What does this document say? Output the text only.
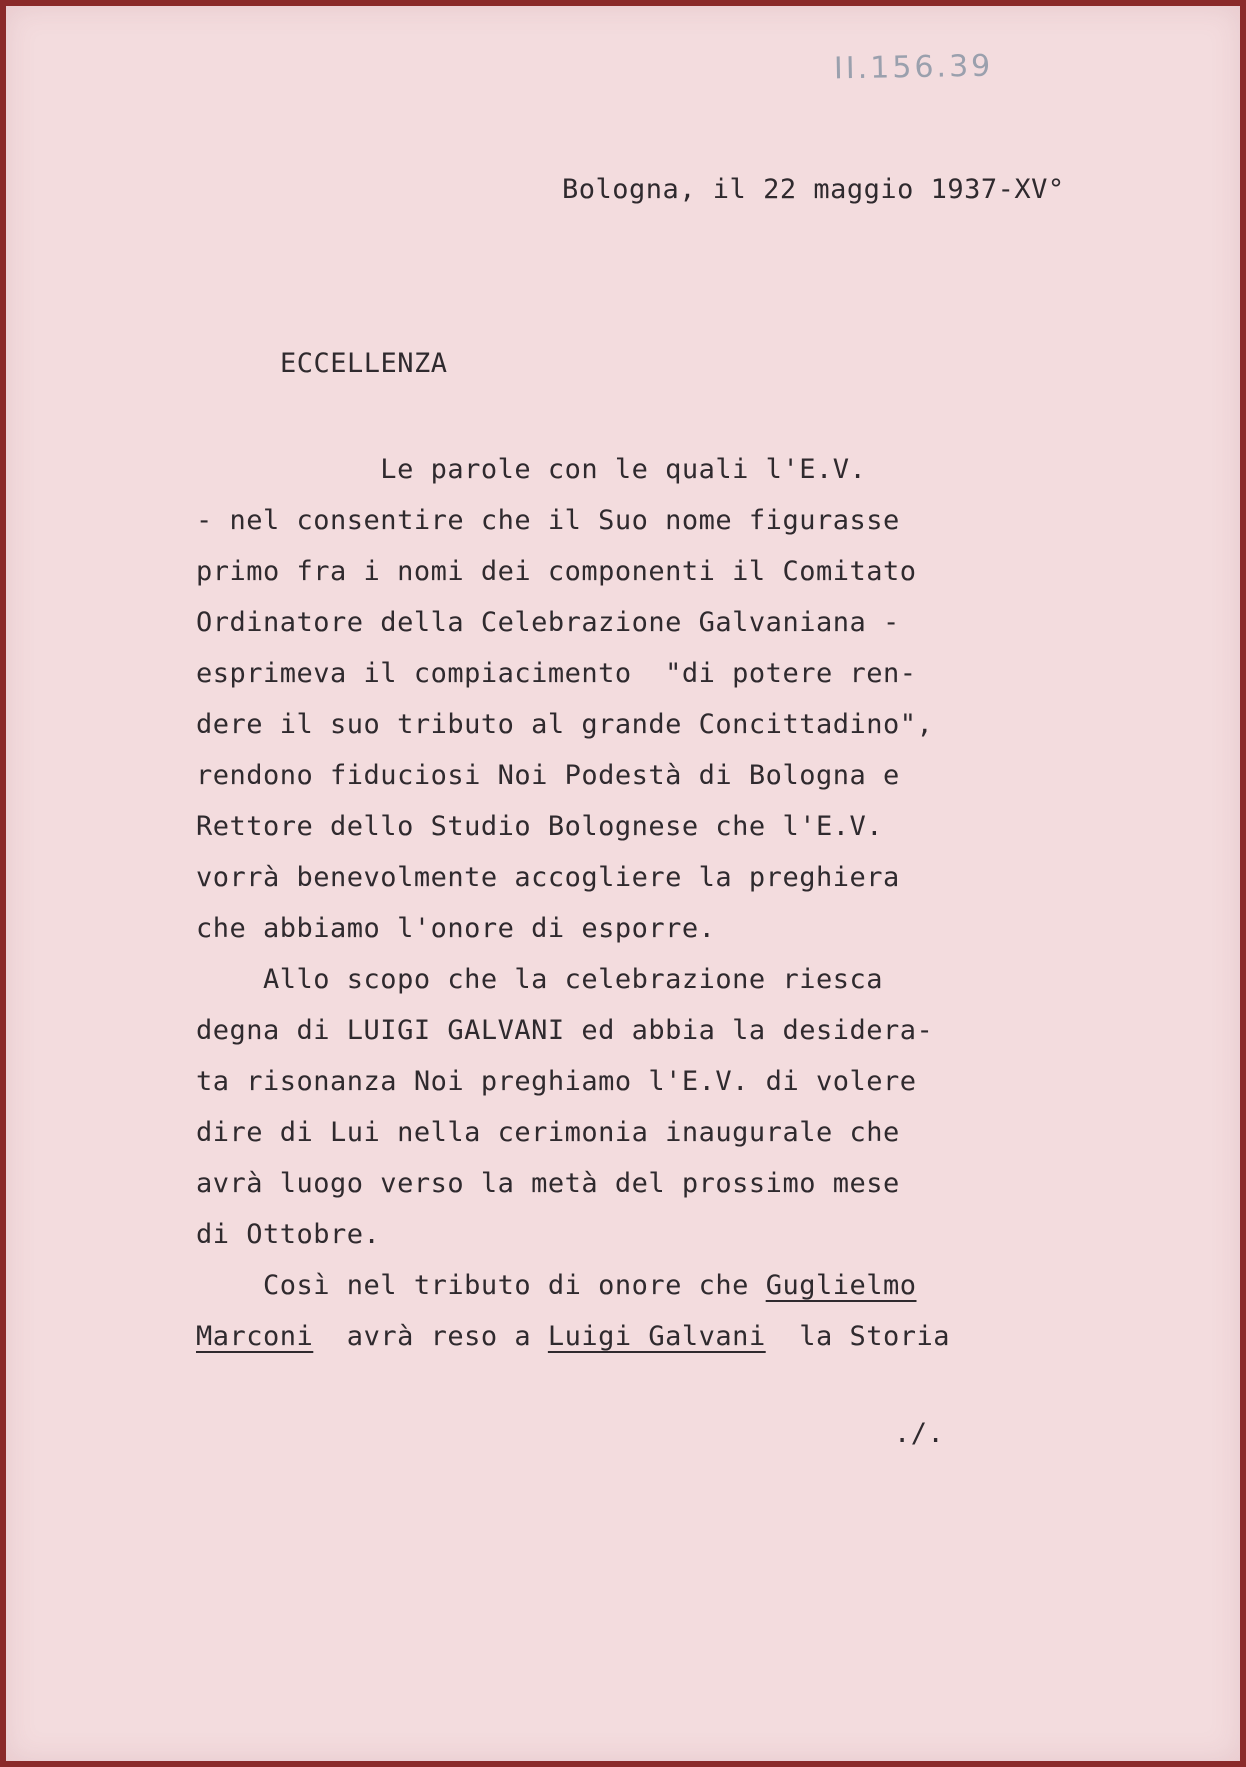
II.156.39
Bologna, il 22 maggio 1937-XV°
ECCELLENZA
Le parole con le quali l'E.V.
- nel consentire che il Suo nome figurasse
primo fra i nomi dei componenti il Comitato
Ordinatore della Celebrazione Galvaniana -
esprimeva il compiacimento  "di potere ren-
dere il suo tributo al grande Concittadino",
rendono fiduciosi Noi Podestà di Bologna e
Rettore dello Studio Bolognese che l'E.V.
vorrà benevolmente accogliere la preghiera
che abbiamo l'onore di esporre.
Allo scopo che la celebrazione riesca
degna di LUIGI GALVANI ed abbia la desidera-
ta risonanza Noi preghiamo l'E.V. di volere
dire di Lui nella cerimonia inaugurale che
avrà luogo verso la metà del prossimo mese
di Ottobre.
Così nel tributo di onore che Guglielmo
Marconi  avrà reso a Luigi Galvani  la Storia
./.
